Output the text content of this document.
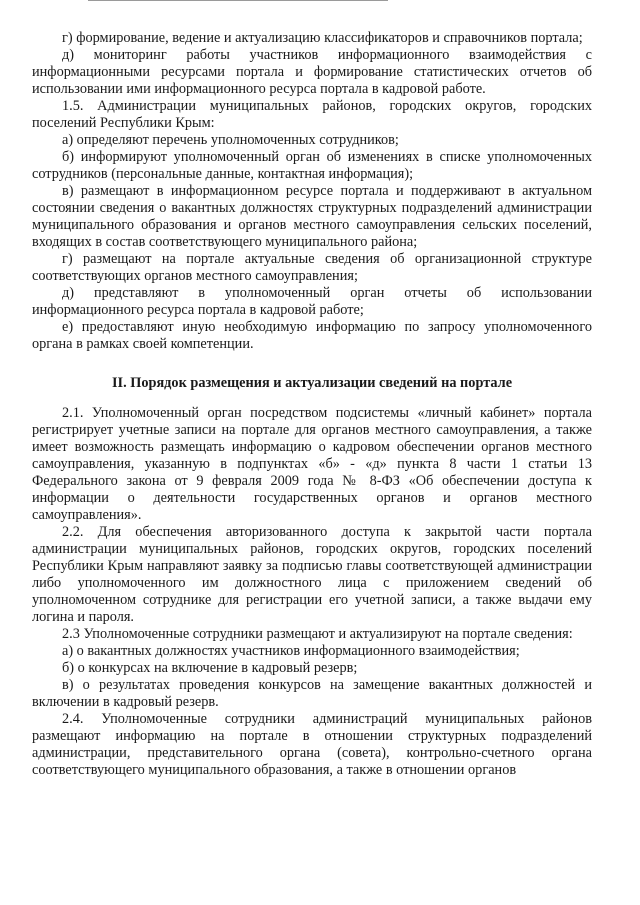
г) формирование, ведение и актуализацию классификаторов и справочников портала;

д) мониторинг работы участников информационного взаимодействия с информационными ресурсами портала и формирование статистических отчетов об использовании ими информационного ресурса портала в кадровой работе.

1.5. Администрации муниципальных районов, городских округов, городских поселений Республики Крым:

а) определяют перечень уполномоченных сотрудников;

б) информируют уполномоченный орган об изменениях в списке уполномоченных сотрудников (персональные данные, контактная информация);

в) размещают в информационном ресурсе портала и поддерживают в актуальном состоянии сведения о вакантных должностях структурных подразделений администрации муниципального образования и органов местного самоуправления сельских поселений, входящих в состав соответствующего муниципального района;

г) размещают на портале актуальные сведения об организационной структуре соответствующих органов местного самоуправления;

д) представляют в уполномоченный орган отчеты об использовании информационного ресурса портала в кадровой работе;

е) предоставляют иную необходимую информацию по запросу уполномоченного органа в рамках своей компетенции.

II. Порядок размещения и актуализации сведений на портале

2.1. Уполномоченный орган посредством подсистемы «личный кабинет» портала регистрирует учетные записи на портале для органов местного самоуправления, а также имеет возможность размещать информацию о кадровом обеспечении органов местного самоуправления, указанную в подпунктах «б» - «д» пункта 8 части 1 статьи 13 Федерального закона от 9 февраля 2009 года № 8-ФЗ «Об обеспечении доступа к информации о деятельности государственных органов и органов местного самоуправления».

2.2. Для обеспечения авторизованного доступа к закрытой части портала администрации муниципальных районов, городских округов, городских поселений Республики Крым направляют заявку за подписью главы соответствующей администрации либо уполномоченного им должностного лица с приложением сведений об уполномоченном сотруднике для регистрации его учетной записи, а также выдачи ему логина и пароля.

2.3 Уполномоченные сотрудники размещают и актуализируют на портале сведения:

а) о вакантных должностях участников информационного взаимодействия;

б) о конкурсах на включение в кадровый резерв;

в) о результатах проведения конкурсов на замещение вакантных должностей и включении в кадровый резерв.

2.4. Уполномоченные сотрудники администраций муниципальных районов размещают информацию на портале в отношении структурных подразделений администрации, представительного органа (совета), контрольно-счетного органа соответствующего муниципального образования, а также в отношении органов
